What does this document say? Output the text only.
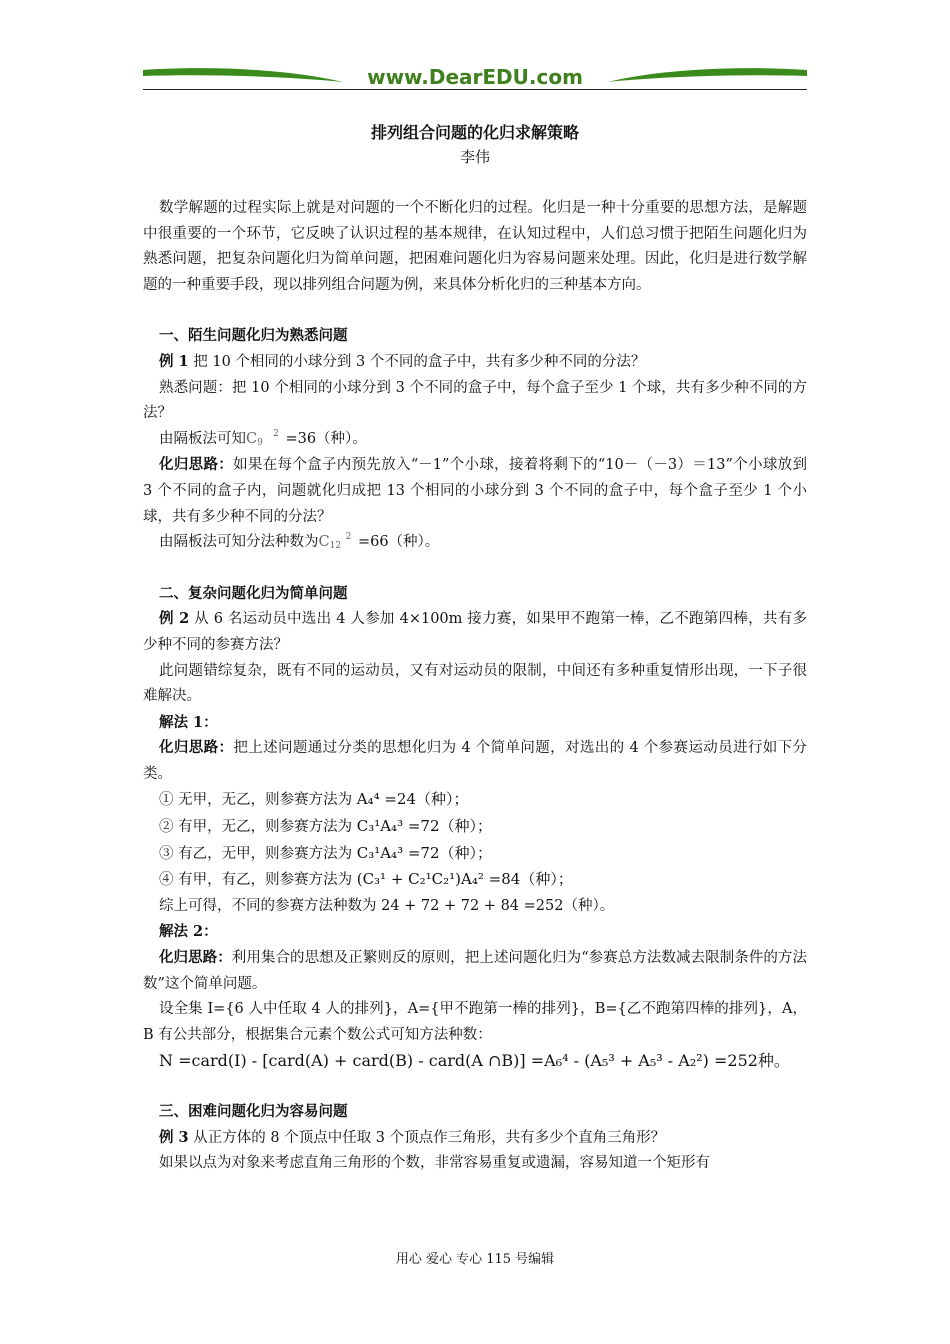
www.DearEDU.com
排列组合问题的化归求解策略
李伟

数学解题的过程实际上就是对问题的一个不断化归的过程。化归是一种十分重要的思想方法，是解题中很重要的一个环节，它反映了认识过程的基本规律，在认知过程中，人们总习惯于把陌生问题化归为熟悉问题，把复杂问题化归为简单问题，把困难问题化归为容易问题来处理。因此，化归是进行数学解题的一种重要手段，现以排列组合问题为例，来具体分析化归的三种基本方向。

一、陌生问题化归为熟悉问题

例 1 把 10 个相同的小球分到 3 个不同的盒子中，共有多少种不同的分法？

熟悉问题：把 10 个相同的小球分到 3 个不同的盒子中，每个盒子至少 1 个球，共有多少种不同的方法？

由隔板法可知C 2
9 =36（种）。

化归思路：如果在每个盒子内预先放入“－1”个小球，接着将剩下的“10－（－3）＝13”个小球放到 3 个不同的盒子内，问题就化归成把 13 个相同的小球分到 3 个不同的盒子中，每个盒子至少 1 个小球，共有多少种不同的分法？

由隔板法可知分法种数为C 2
12 =66（种）。

二、复杂问题化归为简单问题

例 2 从 6 名运动员中选出 4 人参加 4×100m 接力赛，如果甲不跑第一棒，乙不跑第四棒，共有多少种不同的参赛方法？

此问题错综复杂，既有不同的运动员，又有对运动员的限制，中间还有多种重复情形出现，一下子很难解决。

解法 1：

化归思路：把上述问题通过分类的思想化归为 4 个简单问题，对选出的 4 个参赛运动员进行如下分类。

① 无甲，无乙，则参赛方法为 A₄⁴ =24（种）；

② 有甲，无乙，则参赛方法为 C₃¹A₄³ =72（种）；

③ 有乙，无甲，则参赛方法为 C₃¹A₄³ =72（种）；

④ 有甲，有乙，则参赛方法为 (C₃¹ + C₂¹C₂¹)A₄² =84（种）；

综上可得，不同的参赛方法种数为 24 + 72 + 72 + 84 =252（种）。

解法 2：

化归思路：利用集合的思想及正繁则反的原则，把上述问题化归为“参赛总方法数减去限制条件的方法数”这个简单问题。

设全集 I={6 人中任取 4 人的排列}，A={甲不跑第一棒的排列}，B={乙不跑第四棒的排列}，A，B 有公共部分，根据集合元素个数公式可知方法种数：

N =card(I) - [card(A) + card(B) - card(A ∩B)] =A₆⁴ - (A₅³ + A₅³ - A₂²) =252种。

三、困难问题化归为容易问题

例 3 从正方体的 8 个顶点中任取 3 个顶点作三角形，共有多少个直角三角形？

如果以点为对象来考虑直角三角形的个数，非常容易重复或遗漏，容易知道一个矩形有

用心 爱心 专心 115 号编辑
